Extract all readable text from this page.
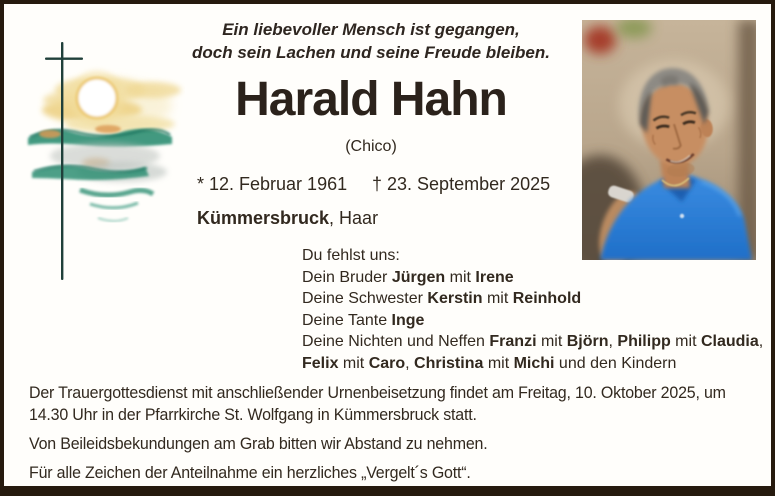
Ein liebevoller Mensch ist gegangen,
doch sein Lachen und seine Freude bleiben.
Harald Hahn
(Chico)
* 12. Februar 1961 † 23. September 2025
Kümmersbruck, Haar
Du fehlst uns:
Dein Bruder Jürgen mit Irene
Deine Schwester Kerstin mit Reinhold
Deine Tante Inge
Deine Nichten und Neffen Franzi mit Björn, Philipp mit Claudia,
Felix mit Caro, Christina mit Michi und den Kindern

Der Trauergottesdienst mit anschließender Urnenbeisetzung findet am Freitag, 10. Oktober 2025, um 14.30 Uhr in der Pfarrkirche St. Wolfgang in Kümmersbruck statt.

Von Beileidsbekundungen am Grab bitten wir Abstand zu nehmen.

Für alle Zeichen der Anteilnahme ein herzliches „Vergelt´s Gott“.
